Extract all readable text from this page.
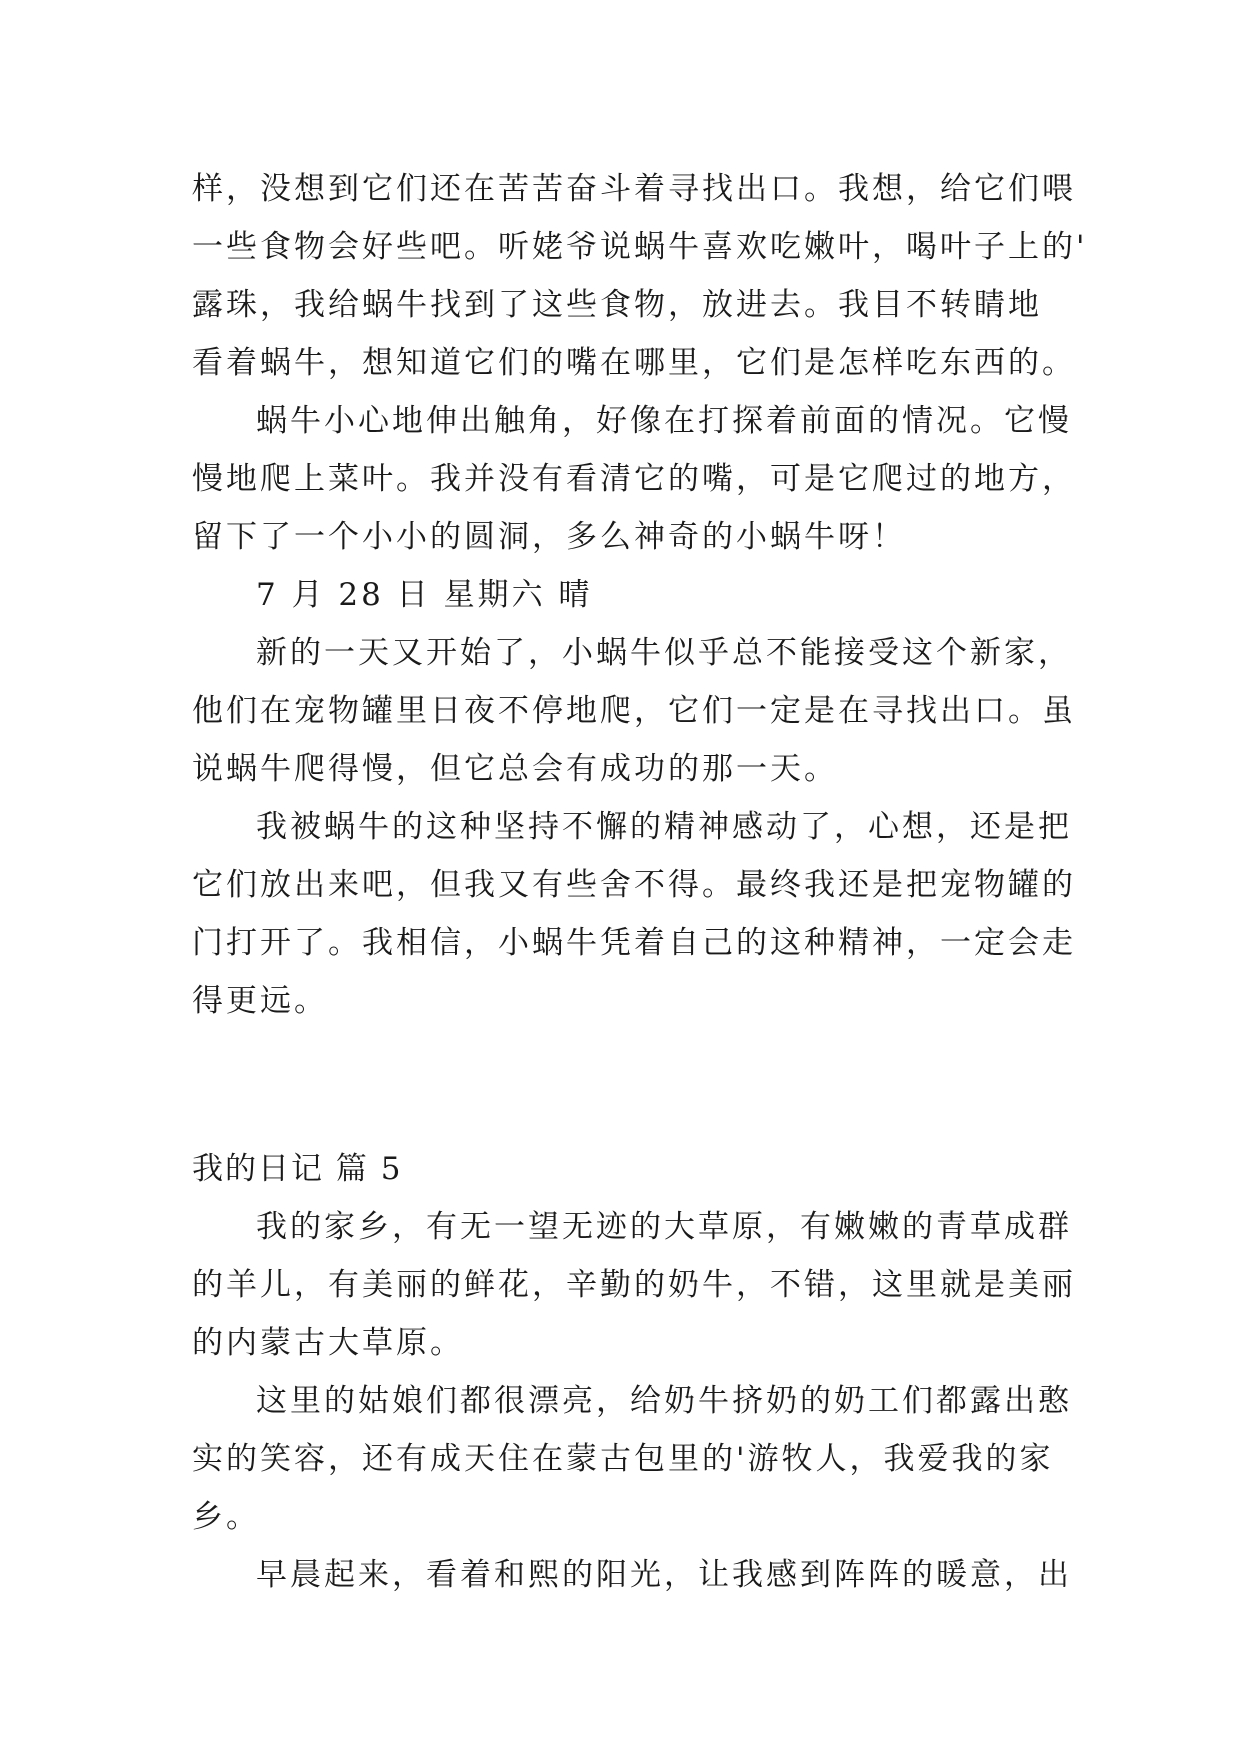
样，没想到它们还在苦苦奋斗着寻找出口。我想，给它们喂
一些食物会好些吧。听姥爷说蜗牛喜欢吃嫩叶，喝叶子上的'
露珠，我给蜗牛找到了这些食物，放进去。我目不转睛地
看着蜗牛，想知道它们的嘴在哪里，它们是怎样吃东西的。
蜗牛小心地伸出触角，好像在打探着前面的情况。它慢
慢地爬上菜叶。我并没有看清它的嘴，可是它爬过的地方，
留下了一个小小的圆洞，多么神奇的小蜗牛呀！
7 月 28 日 星期六 晴
新的一天又开始了，小蜗牛似乎总不能接受这个新家，
他们在宠物罐里日夜不停地爬，它们一定是在寻找出口。虽
说蜗牛爬得慢，但它总会有成功的那一天。
我被蜗牛的这种坚持不懈的精神感动了，心想，还是把
它们放出来吧，但我又有些舍不得。最终我还是把宠物罐的
门打开了。我相信，小蜗牛凭着自己的这种精神，一定会走
得更远。
我的日记 篇 5
我的家乡，有无一望无迹的大草原，有嫩嫩的青草成群
的羊儿，有美丽的鲜花，辛勤的奶牛，不错，这里就是美丽
的内蒙古大草原。
这里的姑娘们都很漂亮，给奶牛挤奶的奶工们都露出憨
实的笑容，还有成天住在蒙古包里的'游牧人，我爱我的家
乡。
早晨起来，看着和熙的阳光，让我感到阵阵的暖意，出
